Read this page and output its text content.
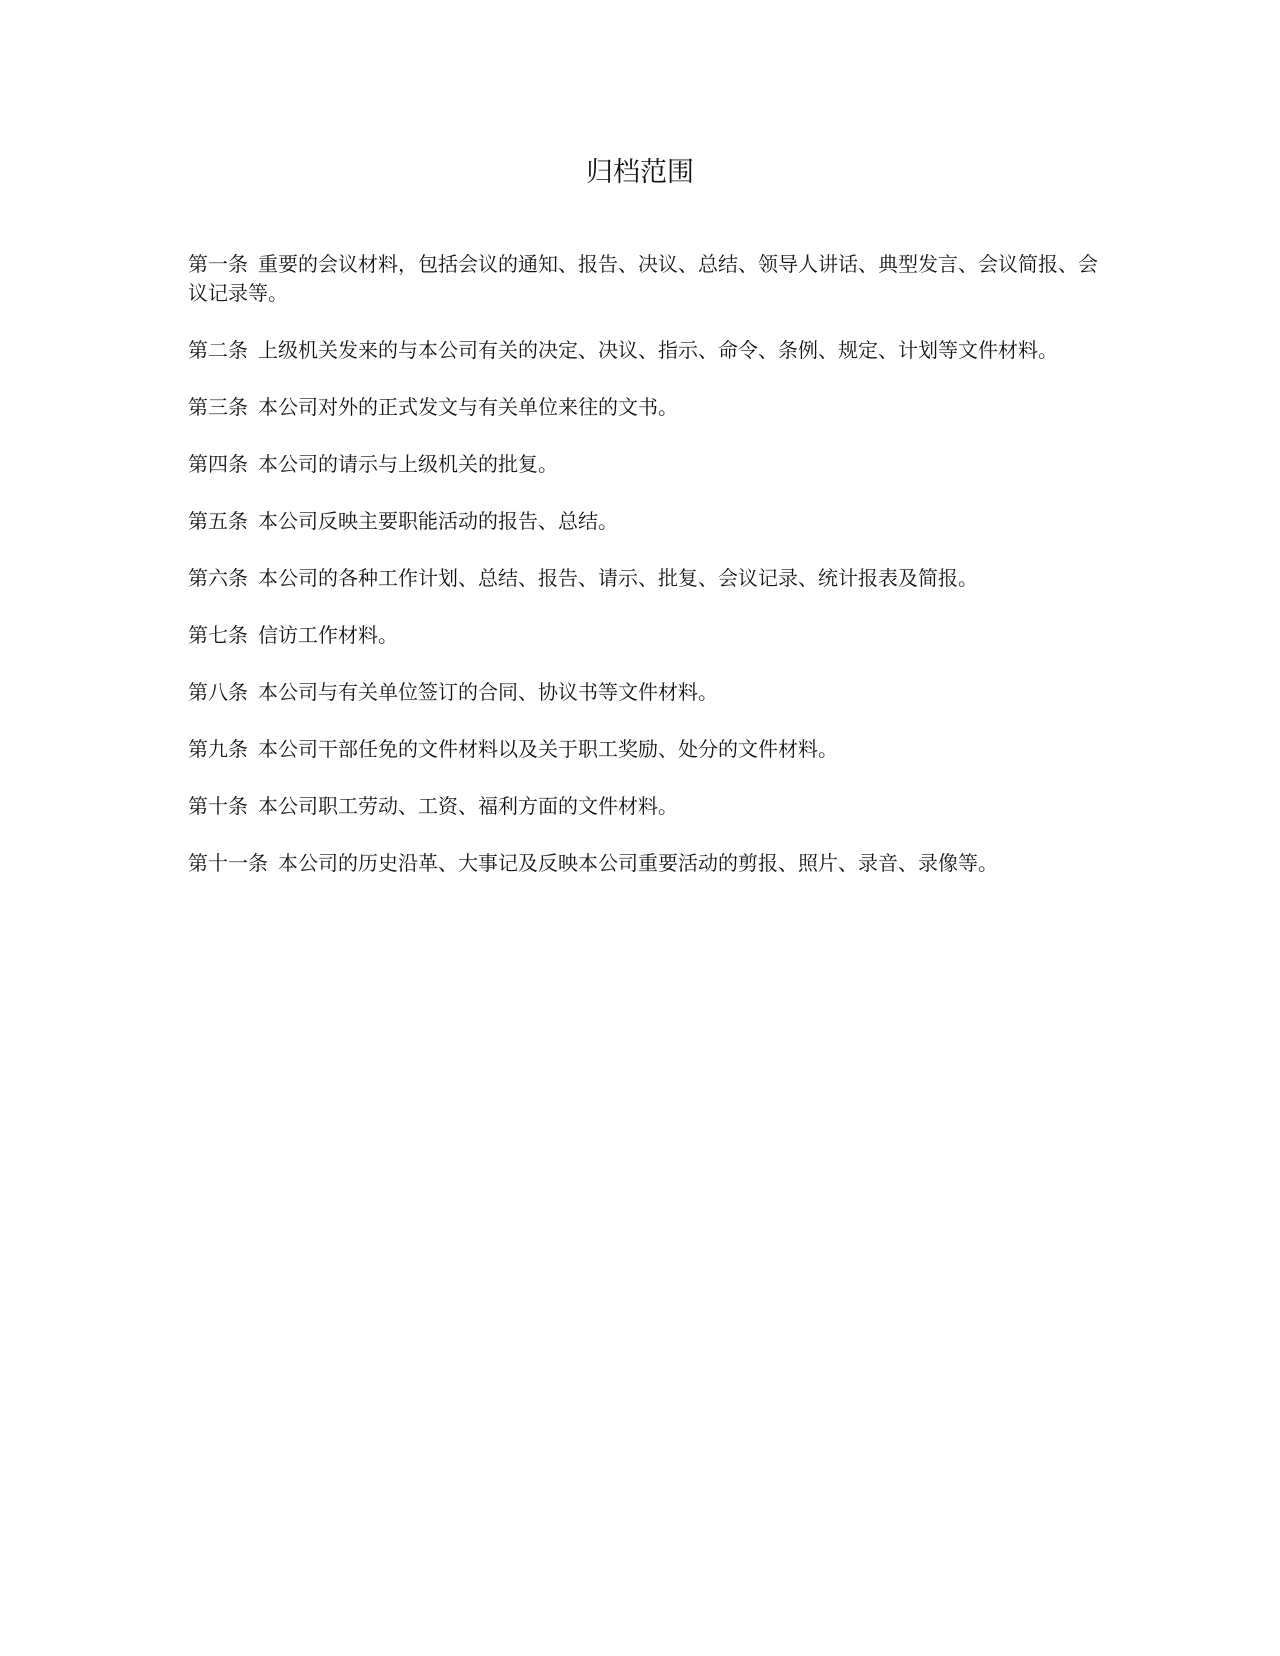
归档范围
第一条 重要的会议材料，包括会议的通知、报告、决议、总结、领导人讲话、典型发言、会议简报、会议记录等。
第二条 上级机关发来的与本公司有关的决定、决议、指示、命令、条例、规定、计划等文件材料。
第三条 本公司对外的正式发文与有关单位来往的文书。
第四条 本公司的请示与上级机关的批复。
第五条 本公司反映主要职能活动的报告、总结。
第六条 本公司的各种工作计划、总结、报告、请示、批复、会议记录、统计报表及简报。
第七条 信访工作材料。
第八条 本公司与有关单位签订的合同、协议书等文件材料。
第九条 本公司干部任免的文件材料以及关于职工奖励、处分的文件材料。
第十条 本公司职工劳动、工资、福利方面的文件材料。
第十一条 本公司的历史沿革、大事记及反映本公司重要活动的剪报、照片、录音、录像等。
